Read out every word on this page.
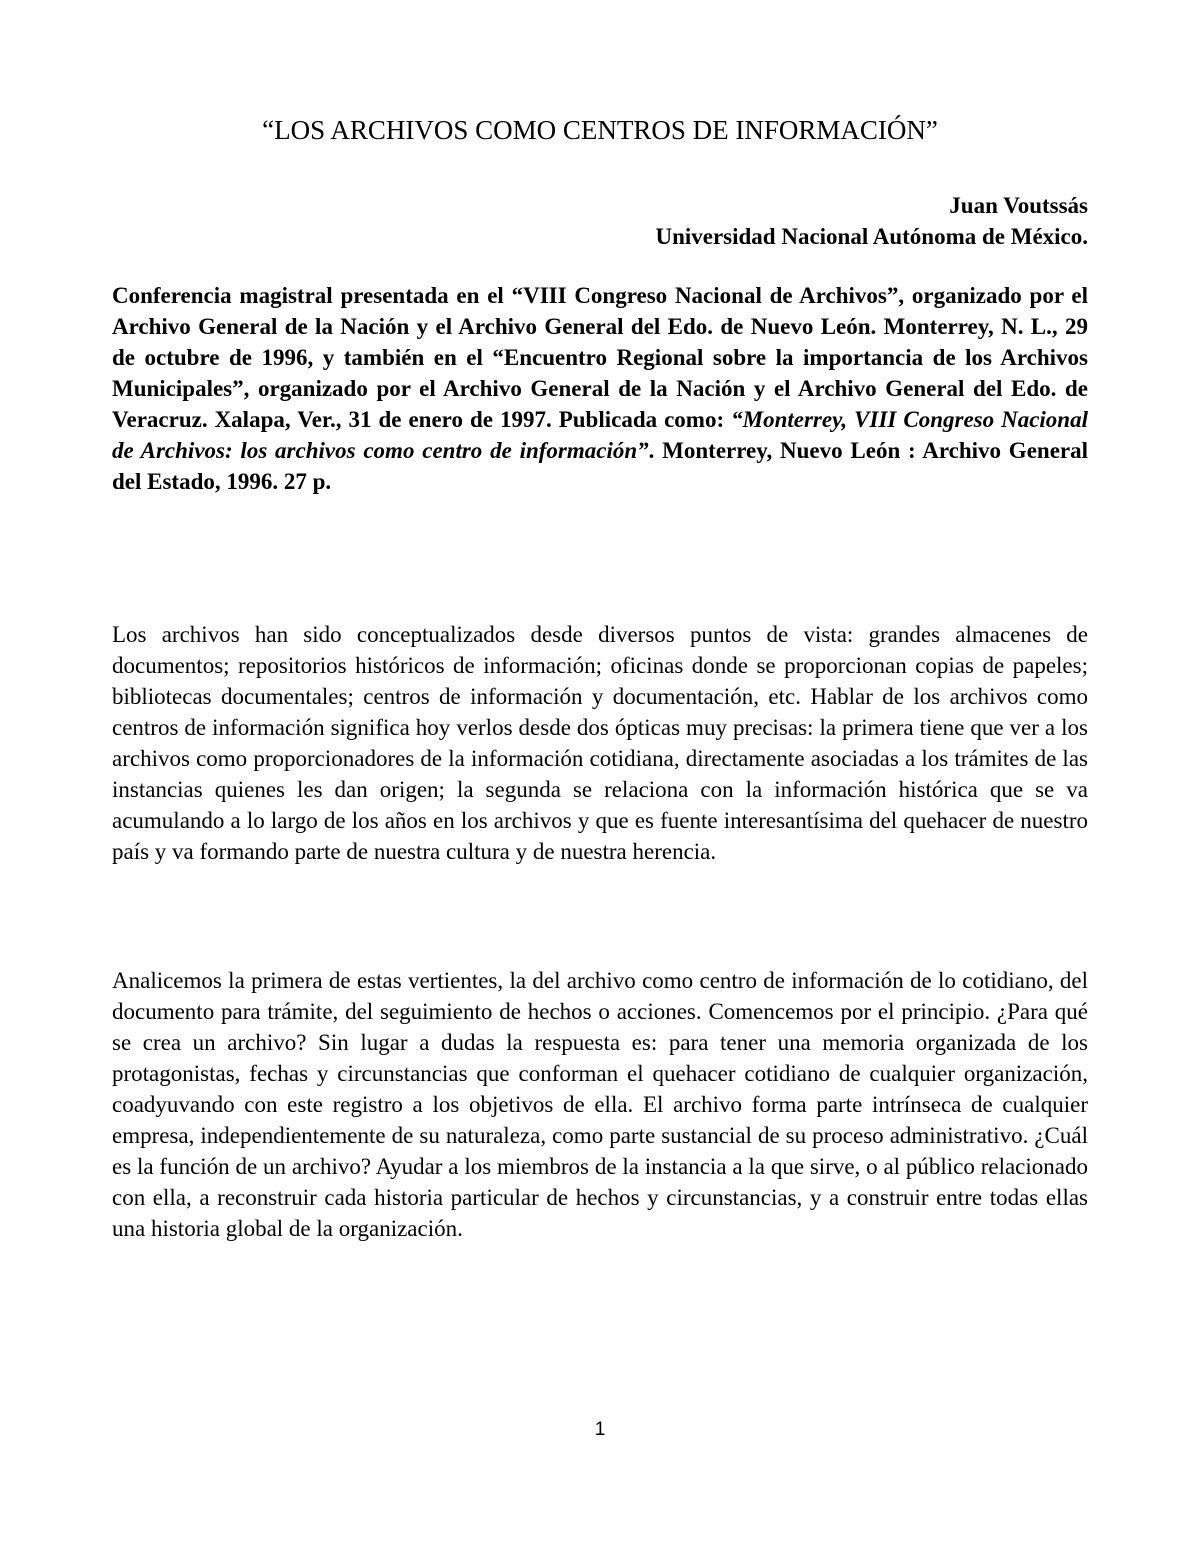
“LOS ARCHIVOS COMO CENTROS DE INFORMACIÓN”
Juan Voutssás
Universidad Nacional Autónoma de México.

Conferencia magistral presentada en el “VIII Congreso Nacional de Archivos”, organizado por el Archivo General de la Nación y el Archivo General del Edo. de Nuevo León. Monterrey, N. L., 29 de octubre de 1996, y también en el “Encuentro Regional sobre la importancia de los Archivos Municipales”, organizado por el Archivo General de la Nación y el Archivo General del Edo. de Veracruz. Xalapa, Ver., 31 de enero de 1997. Publicada como: “Monterrey, VIII Congreso Nacional de Archivos: los archivos como centro de información”. Monterrey, Nuevo León : Archivo General del Estado, 1996. 27 p.

Los archivos han sido conceptualizados desde diversos puntos de vista: grandes almacenes de documentos; repositorios históricos de información; oficinas donde se proporcionan copias de papeles; bibliotecas documentales; centros de información y documentación, etc. Hablar de los archivos como centros de información significa hoy verlos desde dos ópticas muy precisas: la primera tiene que ver a los archivos como proporcionadores de la información cotidiana, directamente asociadas a los trámites de las instancias quienes les dan origen; la segunda se relaciona con la información histórica que se va acumulando a lo largo de los años en los archivos y que es fuente interesantísima del quehacer de nuestro país y va formando parte de nuestra cultura y de nuestra herencia.

Analicemos la primera de estas vertientes, la del archivo como centro de información de lo cotidiano, del documento para trámite, del seguimiento de hechos o acciones. Comencemos por el principio. ¿Para qué se crea un archivo? Sin lugar a dudas la respuesta es: para tener una memoria organizada de los protagonistas, fechas y circunstancias que conforman el quehacer cotidiano de cualquier organización, coadyuvando con este registro a los objetivos de ella. El archivo forma parte intrínseca de cualquier empresa, independientemente de su naturaleza, como parte sustancial de su proceso administrativo. ¿Cuál es la función de un archivo? Ayudar a los miembros de la instancia a la que sirve, o al público relacionado con ella, a reconstruir cada historia particular de hechos y circunstancias, y a construir entre todas ellas una historia global de la organización.

1
